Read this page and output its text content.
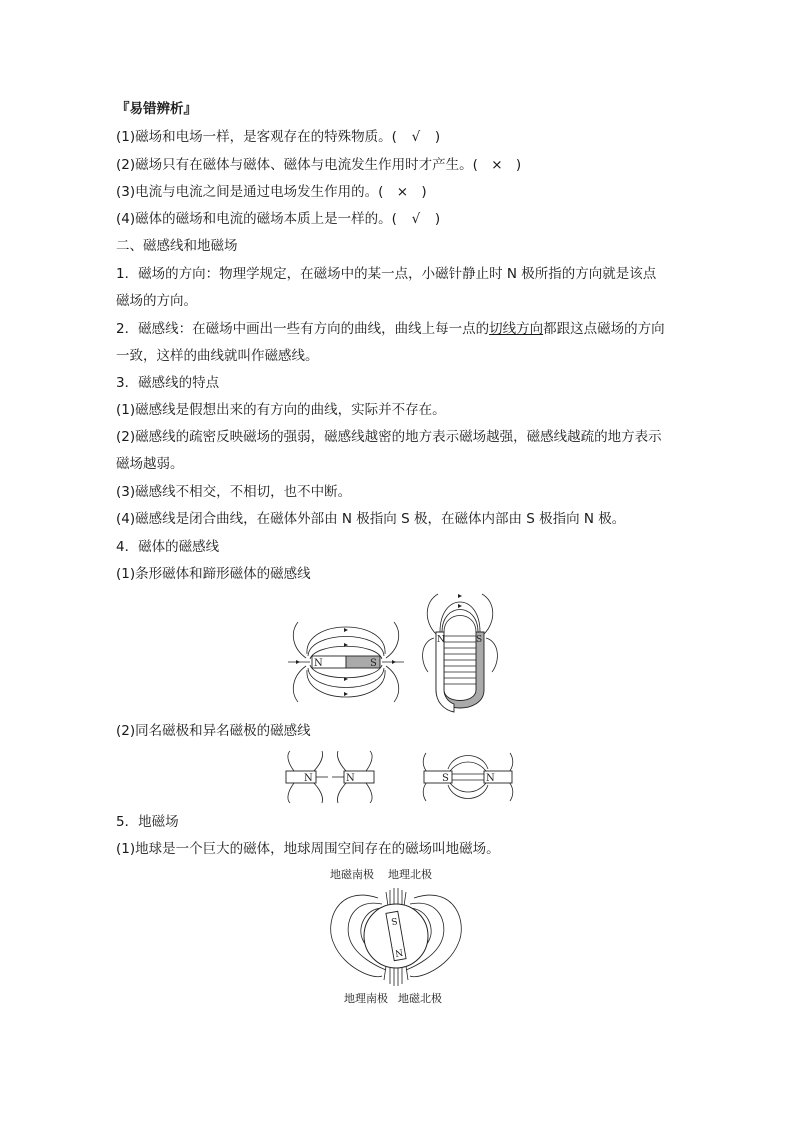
『易错辨析』
(1)磁场和电场一样，是客观存在的特殊物质。( √ )
(2)磁场只有在磁体与磁体、磁体与电流发生作用时才产生。( × )
(3)电流与电流之间是通过电场发生作用的。( × )
(4)磁体的磁场和电流的磁场本质上是一样的。( √ )
二、磁感线和地磁场
1．磁场的方向：物理学规定，在磁场中的某一点，小磁针静止时 N 极所指的方向就是该点
磁场的方向。
2．磁感线：在磁场中画出一些有方向的曲线，曲线上每一点的切线方向都跟这点磁场的方向
一致，这样的曲线就叫作磁感线。
3．磁感线的特点
(1)磁感线是假想出来的有方向的曲线，实际并不存在。
(2)磁感线的疏密反映磁场的强弱，磁感线越密的地方表示磁场越强，磁感线越疏的地方表示
磁场越弱。
(3)磁感线不相交，不相切，也不中断。
(4)磁感线是闭合曲线，在磁体外部由 N 极指向 S 极，在磁体内部由 S 极指向 N 极。
4．磁体的磁感线
(1)条形磁体和蹄形磁体的磁感线
N	S
N	S
(2)同名磁极和异名磁极的磁感线
N	N	S	N
5．地磁场
(1)地球是一个巨大的磁体，地球周围空间存在的磁场叫地磁场。
地磁南极 地理北极
S
N
地理南极 地磁北极
